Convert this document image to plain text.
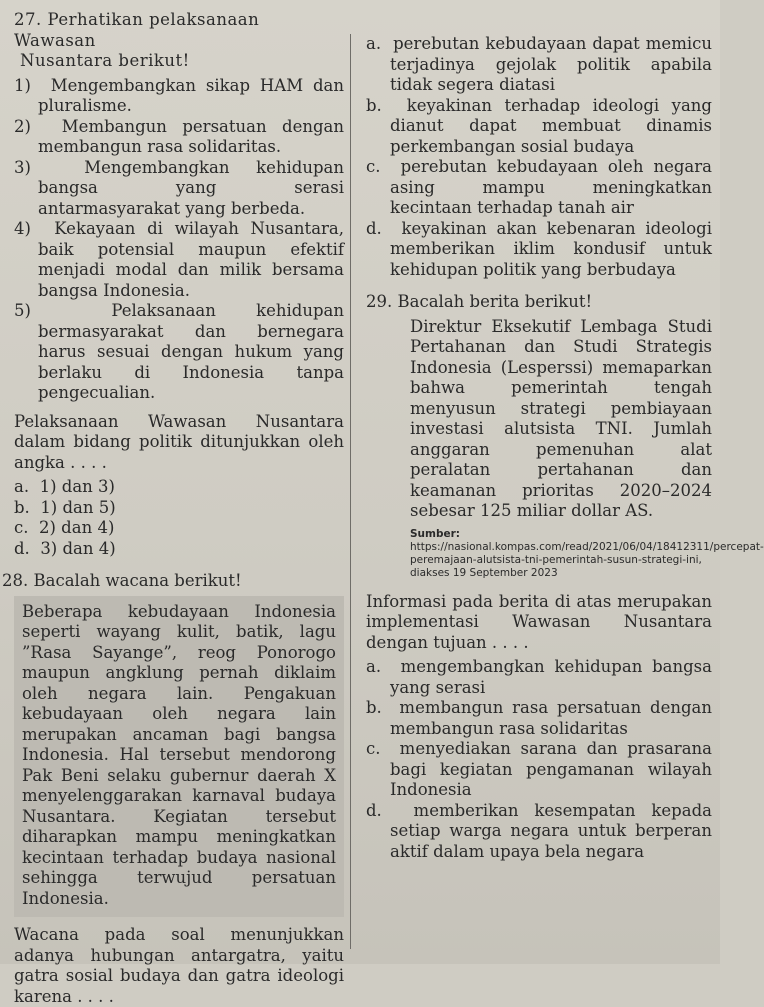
27. Perhatikan pelaksanaan Wawasan
Nusantara berikut!

1) Mengembangkan sikap HAM dan pluralisme.

2) Membangun persatuan dengan membangun rasa solidaritas.

3)	Mengembangkan kehidupan bangsa yang serasi antarmasyarakat yang berbeda.

4) Kekayaan di wilayah Nusantara, baik potensial maupun efektif menjadi modal dan milik bersama bangsa Indonesia.

5)	Pelaksanaan kehidupan bermasyarakat dan bernegara harus sesuai dengan hukum yang berlaku di Indonesia tanpa pengecualian.

Pelaksanaan Wawasan Nusantara dalam bidang politik ditunjukkan oleh angka . . . .

a. 1) dan 3)

b. 1) dan 5)

c. 2) dan 4)

d. 3) dan 4)

28. Bacalah wacana berikut!

Beberapa kebudayaan Indonesia seperti wayang kulit, batik, lagu ”Rasa Sayange”, reog Ponorogo maupun angklung pernah diklaim oleh negara lain. Pengakuan kebudayaan oleh negara lain merupakan ancaman bagi bangsa Indonesia. Hal tersebut mendorong Pak Beni selaku gubernur daerah X menyelenggarakan karnaval budaya Nusantara. Kegiatan tersebut diharapkan mampu meningkatkan kecintaan terhadap budaya nasional sehingga terwujud persatuan Indonesia.

Wacana pada soal menunjukkan adanya hubungan antargatra, yaitu gatra sosial budaya dan gatra ideologi karena . . . .

a. perebutan kebudayaan dapat memicu terjadinya gejolak politik apabila tidak segera diatasi

b. keyakinan terhadap ideologi yang dianut dapat membuat dinamis perkembangan sosial budaya

c. perebutan kebudayaan oleh negara asing mampu meningkatkan kecintaan terhadap tanah air

d. keyakinan akan kebenaran ideologi memberikan iklim kondusif untuk kehidupan politik yang berbudaya

29. Bacalah berita berikut!

Direktur Eksekutif Lembaga Studi Pertahanan dan Studi Strategis Indonesia (Lesperssi) memaparkan bahwa pemerintah tengah menyusun strategi pembiayaan investasi alutsista TNI. Jumlah anggaran pemenuhan alat peralatan pertahanan dan keamanan prioritas 2020–2024 sebesar 125 miliar dollar AS.

Sumber: https://nasional.kompas.com/read/2021/06/04/18412311/percepat-peremajaan-alutsista-tni-pemerintah-susun-strategi-ini, diakses 19 September 2023

Informasi pada berita di atas merupakan implementasi Wawasan Nusantara dengan tujuan . . . .

a. mengembangkan kehidupan bangsa yang serasi

b. membangun rasa persatuan dengan membangun rasa solidaritas

c. menyediakan sarana dan prasarana bagi kegiatan pengamanan wilayah Indonesia

d. memberikan kesempatan kepada setiap warga negara untuk berperan aktif dalam upaya bela negara
